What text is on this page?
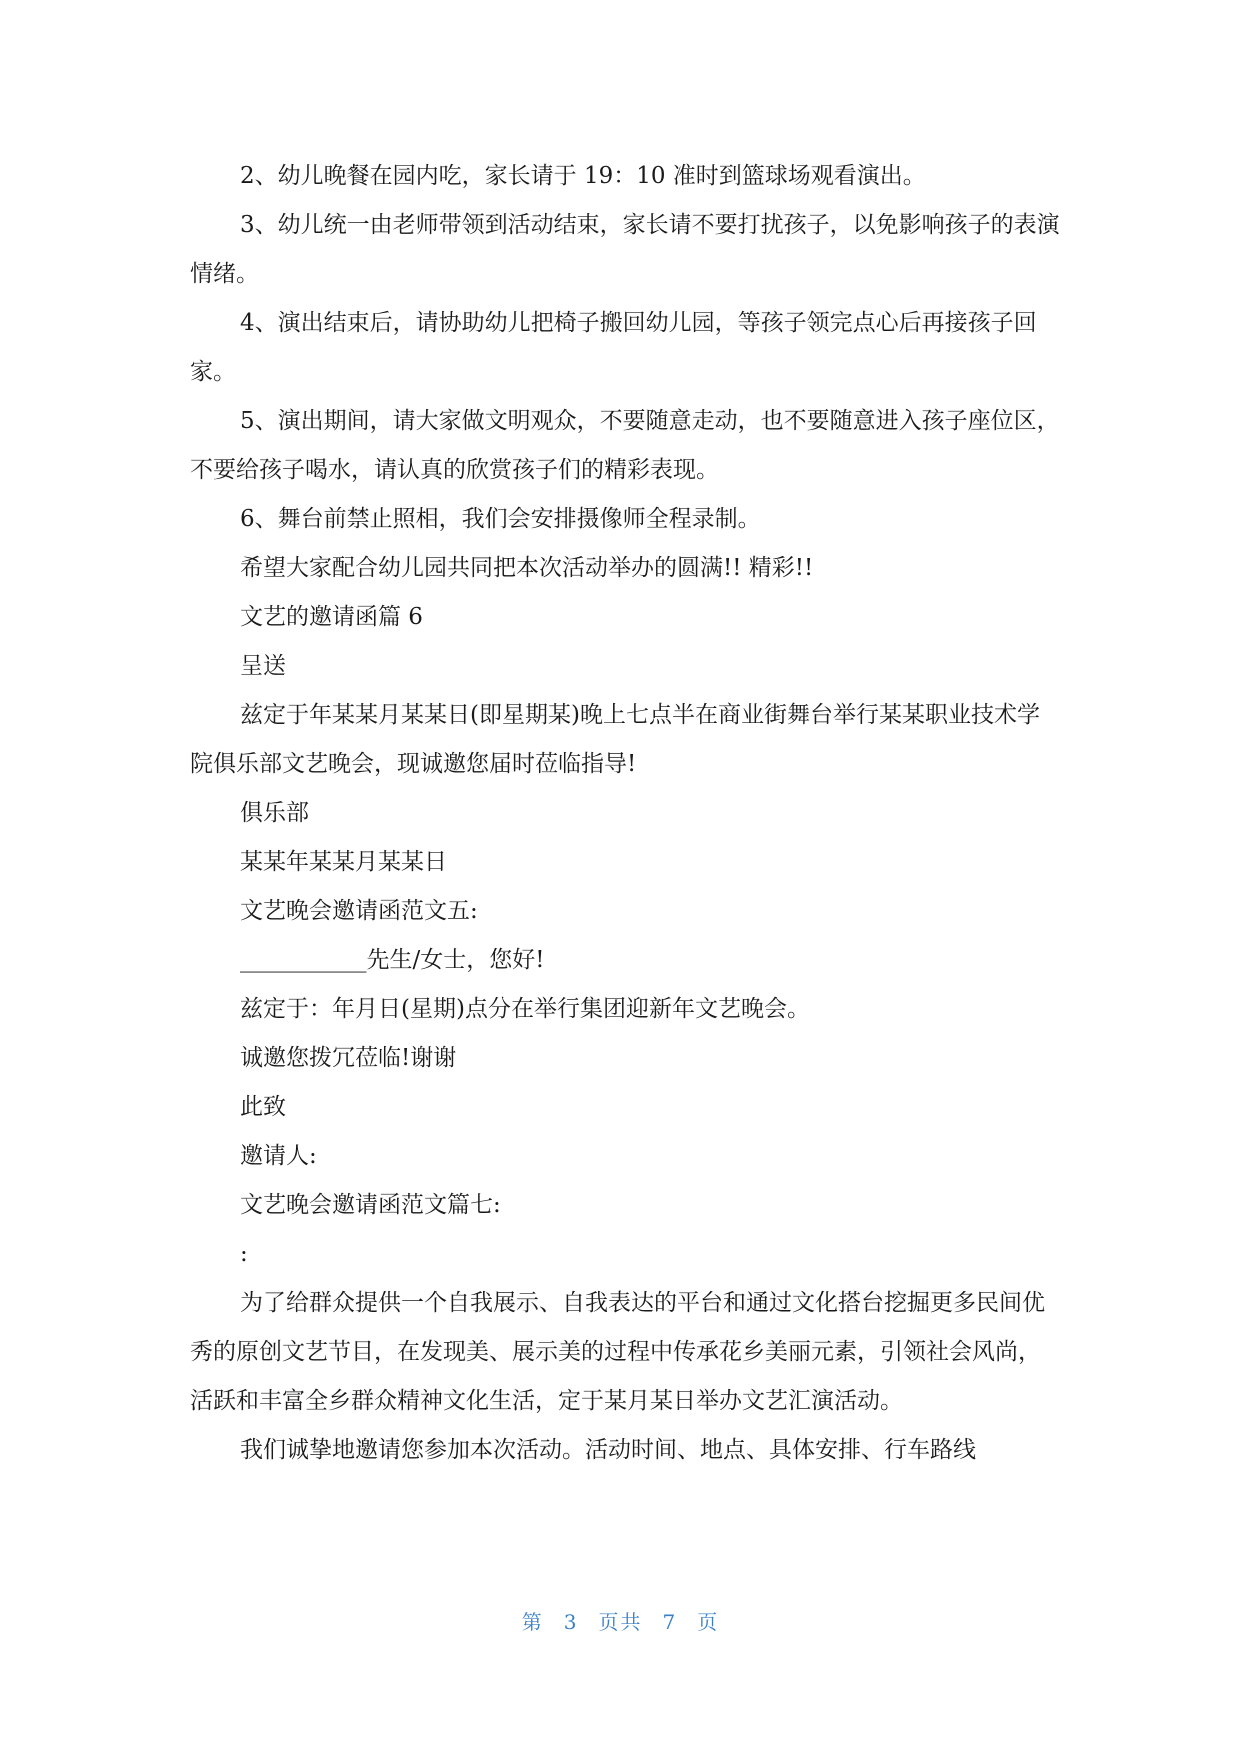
2、幼儿晚餐在园内吃，家长请于 19：10 准时到篮球场观看演出。

3、幼儿统一由老师带领到活动结束，家长请不要打扰孩子，以免影响孩子的表演情绪。

4、演出结束后，请协助幼儿把椅子搬回幼儿园，等孩子领完点心后再接孩子回家。

5、演出期间，请大家做文明观众，不要随意走动，也不要随意进入孩子座位区，不要给孩子喝水，请认真的欣赏孩子们的精彩表现。

6、舞台前禁止照相，我们会安排摄像师全程录制。

希望大家配合幼儿园共同把本次活动举办的圆满!! 精彩!!

文艺的邀请函篇 6

呈送

兹定于年某某月某某日(即星期某)晚上七点半在商业街舞台举行某某职业技术学院俱乐部文艺晚会，现诚邀您届时莅临指导!

俱乐部

某某年某某月某某日

文艺晚会邀请函范文五:

___________先生/女士，您好!

兹定于：年月日(星期)点分在举行集团迎新年文艺晚会。

诚邀您拨冗莅临!谢谢

此致

邀请人:

文艺晚会邀请函范文篇七:

:

为了给群众提供一个自我展示、自我表达的平台和通过文化搭台挖掘更多民间优秀的原创文艺节目，在发现美、展示美的过程中传承花乡美丽元素，引领社会风尚，活跃和丰富全乡群众精神文化生活，定于某月某日举办文艺汇演活动。

我们诚挚地邀请您参加本次活动。活动时间、地点、具体安排、行车路线

第 3 页共 7 页
